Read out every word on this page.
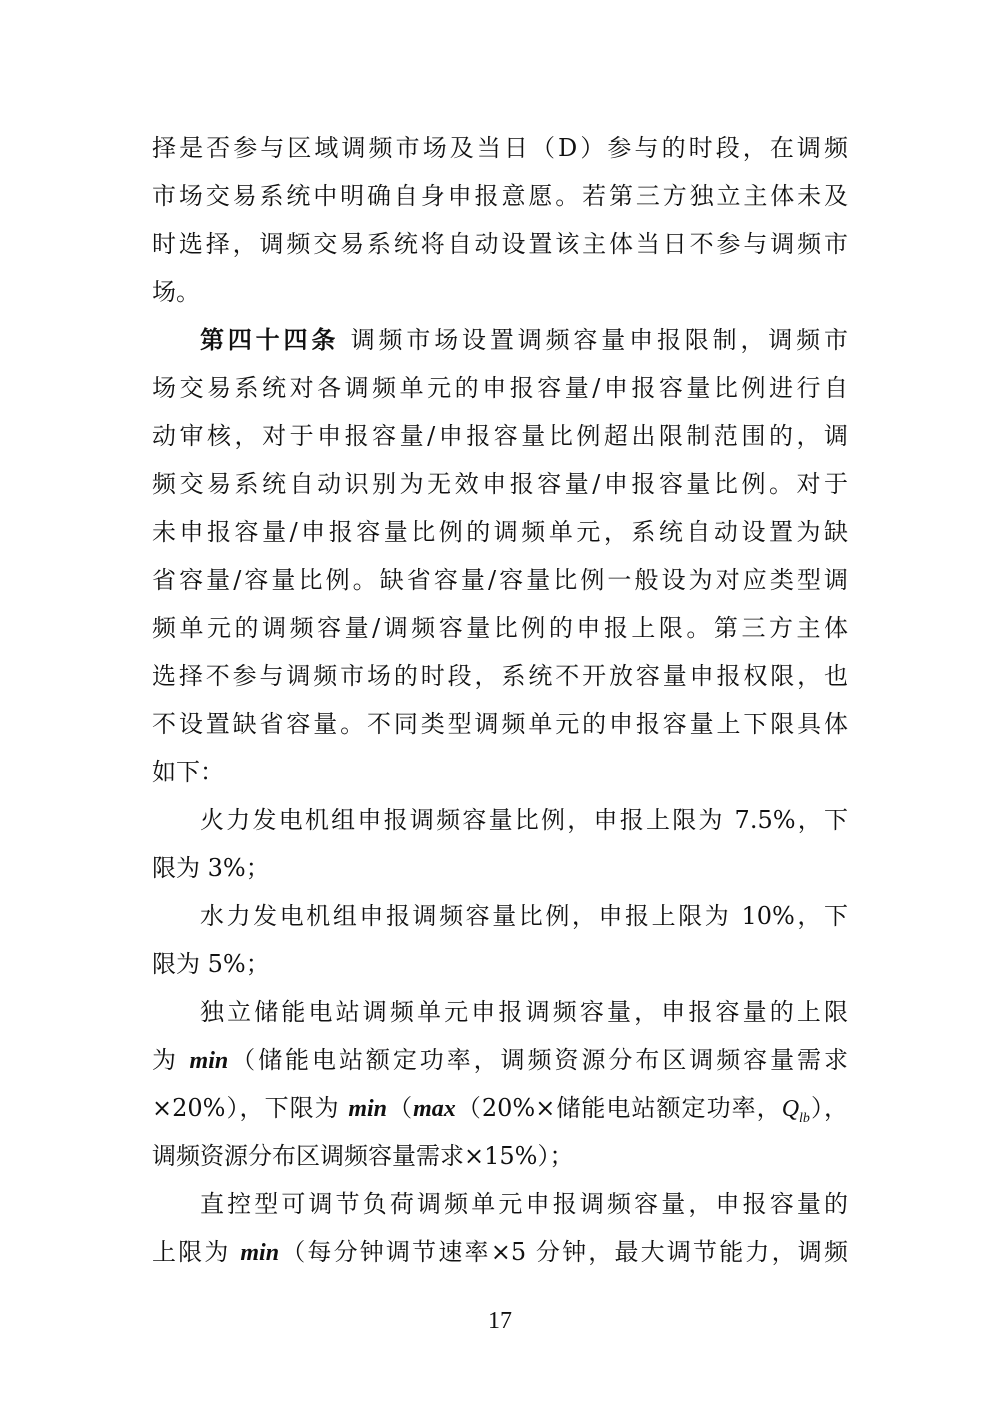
择是否参与区域调频市场及当日（D）参与的时段，在调频
市场交易系统中明确自身申报意愿。若第三方独立主体未及
时选择，调频交易系统将自动设置该主体当日不参与调频市
场。
第四十四条 调频市场设置调频容量申报限制，调频市
场交易系统对各调频单元的申报容量/申报容量比例进行自
动审核，对于申报容量/申报容量比例超出限制范围的，调
频交易系统自动识别为无效申报容量/申报容量比例。对于
未申报容量/申报容量比例的调频单元，系统自动设置为缺
省容量/容量比例。缺省容量/容量比例一般设为对应类型调
频单元的调频容量/调频容量比例的申报上限。第三方主体
选择不参与调频市场的时段，系统不开放容量申报权限，也
不设置缺省容量。不同类型调频单元的申报容量上下限具体
如下：
火力发电机组申报调频容量比例，申报上限为 7.5%，下
限为 3%；
水力发电机组申报调频容量比例，申报上限为 10%，下
限为 5%；
独立储能电站调频单元申报调频容量，申报容量的上限
为 min（储能电站额定功率，调频资源分布区调频容量需求
×20%），下限为 min（max（20%×储能电站额定功率，$Q_{lb}$），
调频资源分布区调频容量需求×15%）；
直控型可调节负荷调频单元申报调频容量，申报容量的
上限为 min（每分钟调节速率×5 分钟，最大调节能力，调频
17
